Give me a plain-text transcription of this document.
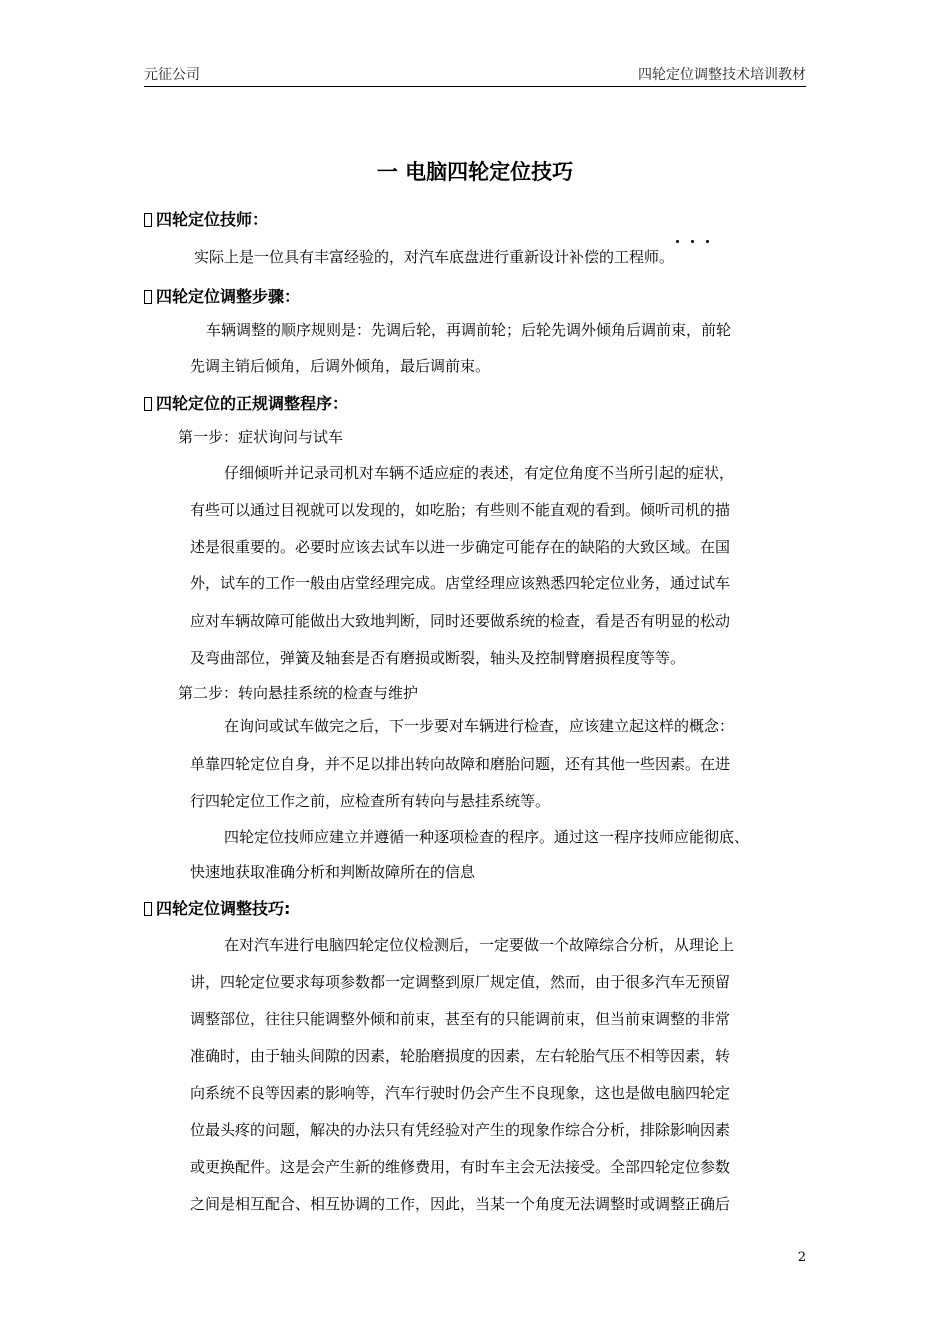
元征公司	四轮定位调整技术培训教材
一 电脑四轮定位技巧
四轮定位技师：
实际上是一位具有丰富经验的，对汽车底盘进行重新设计补偿的工程师。
四轮定位调整步骤：
车辆调整的顺序规则是：先调后轮，再调前轮；后轮先调外倾角后调前束，前轮
先调主销后倾角，后调外倾角，最后调前束。
四轮定位的正规调整程序：
第一步：症状询问与试车
仔细倾听并记录司机对车辆不适应症的表述，有定位角度不当所引起的症状，
有些可以通过目视就可以发现的，如吃胎；有些则不能直观的看到。倾听司机的描
述是很重要的。必要时应该去试车以进一步确定可能存在的缺陷的大致区域。在国
外，试车的工作一般由店堂经理完成。店堂经理应该熟悉四轮定位业务，通过试车
应对车辆故障可能做出大致地判断，同时还要做系统的检查，看是否有明显的松动
及弯曲部位，弹簧及轴套是否有磨损或断裂，轴头及控制臂磨损程度等等。
第二步：转向悬挂系统的检查与维护
在询问或试车做完之后，下一步要对车辆进行检查，应该建立起这样的概念：
单靠四轮定位自身，并不足以排出转向故障和磨胎问题，还有其他一些因素。在进
行四轮定位工作之前，应检查所有转向与悬挂系统等。
四轮定位技师应建立并遵循一种逐项检查的程序。通过这一程序技师应能彻底、
快速地获取准确分析和判断故障所在的信息
四轮定位调整技巧:
在对汽车进行电脑四轮定位仪检测后，一定要做一个故障综合分析，从理论上
讲，四轮定位要求每项参数都一定调整到原厂规定值，然而，由于很多汽车无预留
调整部位，往往只能调整外倾和前束，甚至有的只能调前束，但当前束调整的非常
准确时，由于轴头间隙的因素，轮胎磨损度的因素，左右轮胎气压不相等因素，转
向系统不良等因素的影响等，汽车行驶时仍会产生不良现象，这也是做电脑四轮定
位最头疼的问题，解决的办法只有凭经验对产生的现象作综合分析，排除影响因素
或更换配件。这是会产生新的维修费用，有时车主会无法接受。全部四轮定位参数
之间是相互配合、相互协调的工作，因此，当某一个角度无法调整时或调整正确后
2
